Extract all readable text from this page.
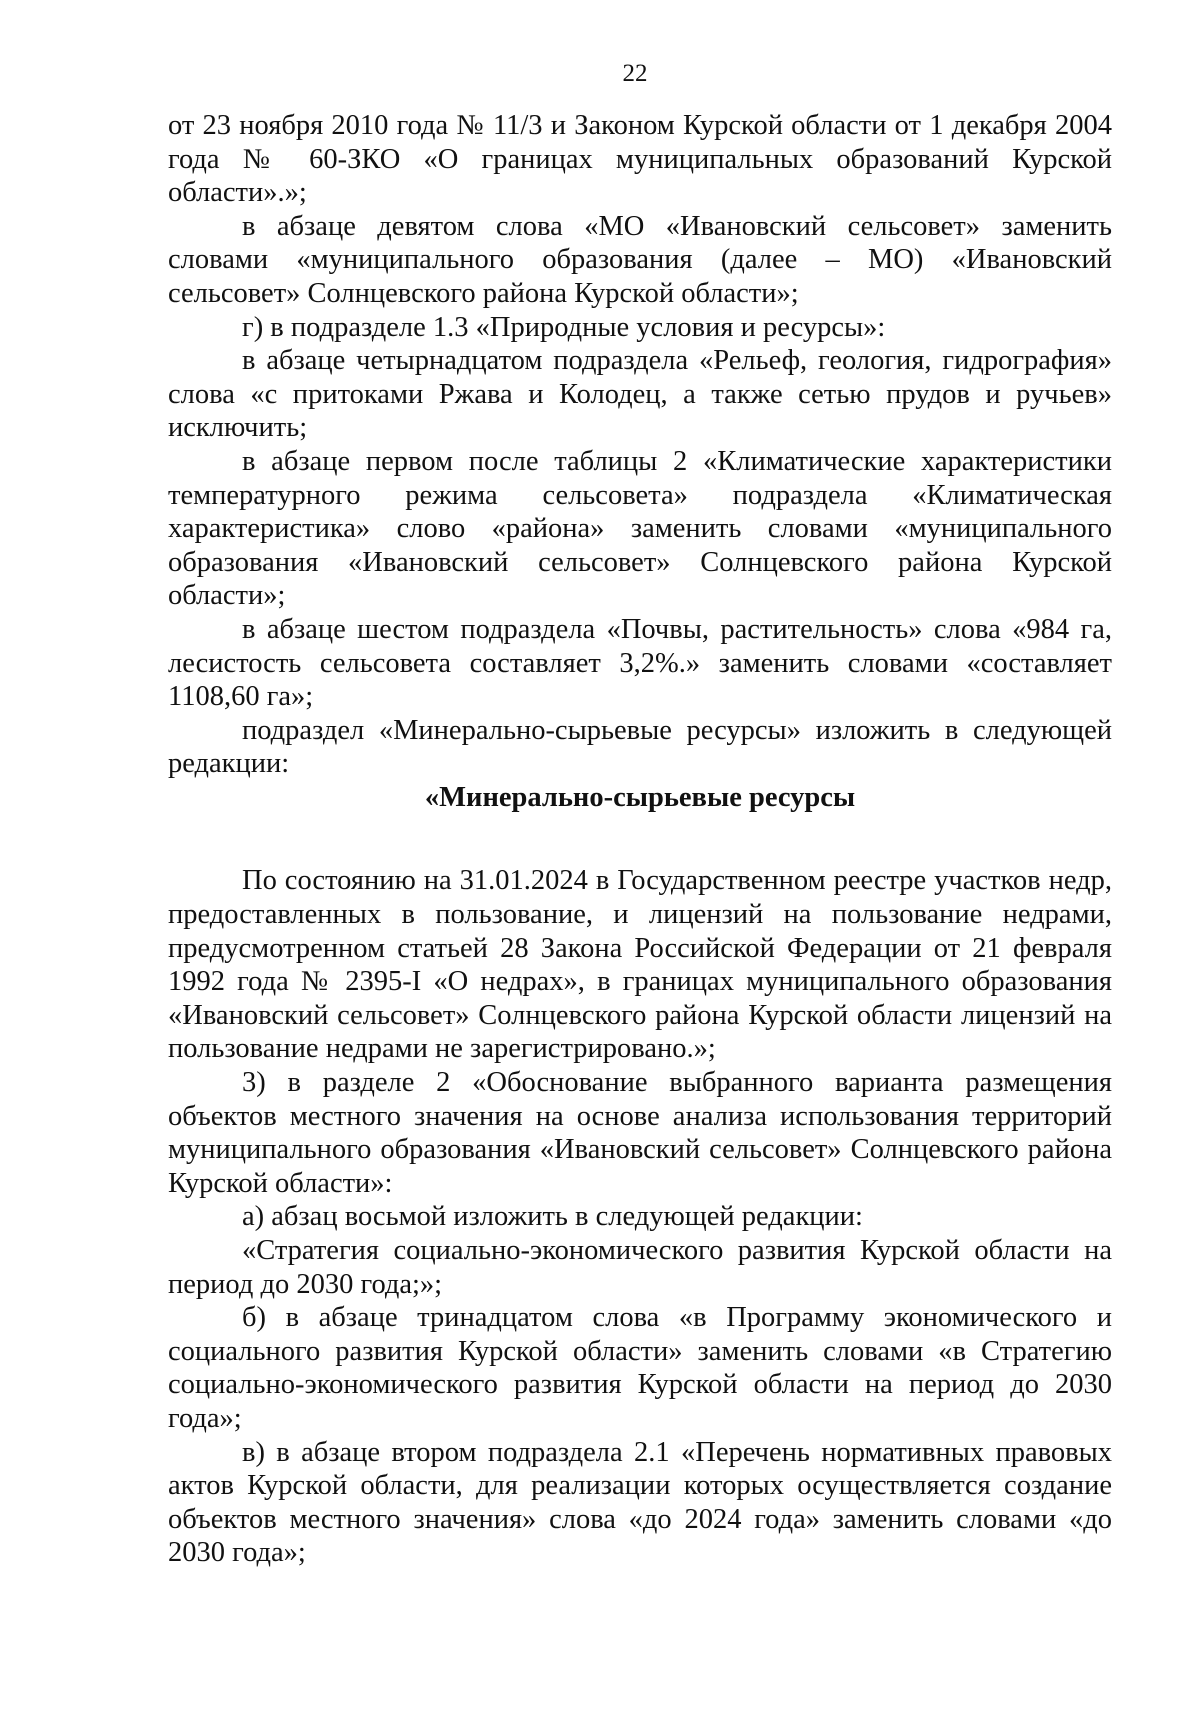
22

от 23 ноября 2010 года № 11/3 и Законом Курской области от 1 декабря 2004 года № 60-ЗКО «О границах муниципальных образований Курской области».»;

в абзаце девятом слова «МО «Ивановский сельсовет» заменить словами «муниципального образования (далее – МО) «Ивановский сельсовет» Солнцевского района Курской области»;

г) в подразделе 1.3 «Природные условия и ресурсы»:

в абзаце четырнадцатом подраздела «Рельеф, геология, гидрография» слова «с притоками Ржава и Колодец, а также сетью прудов и ручьев» исключить;

в абзаце первом после таблицы 2 «Климатические характеристики температурного режима сельсовета» подраздела «Климатическая характеристика» слово «района» заменить словами «муниципального образования «Ивановский сельсовет» Солнцевского района Курской области»;

в абзаце шестом подраздела «Почвы, растительность» слова «984 га, лесистость сельсовета составляет 3,2%.» заменить словами «составляет 1108,60 га»;

подраздел «Минерально-сырьевые ресурсы» изложить в следующей редакции:

«Минерально-сырьевые ресурсы

По состоянию на 31.01.2024 в Государственном реестре участков недр, предоставленных в пользование, и лицензий на пользование недрами, предусмотренном статьей 28 Закона Российской Федерации от 21 февраля 1992 года № 2395-I «О недрах», в границах муниципального образования «Ивановский сельсовет» Солнцевского района Курской области лицензий на пользование недрами не зарегистрировано.»;

3) в разделе 2 «Обоснование выбранного варианта размещения объектов местного значения на основе анализа использования территорий муниципального образования «Ивановский сельсовет» Солнцевского района Курской области»:

а) абзац восьмой изложить в следующей редакции:

«Стратегия социально-экономического развития Курской области на период до 2030 года;»;

б) в абзаце тринадцатом слова «в Программу экономического и социального развития Курской области» заменить словами «в Стратегию социально-экономического развития Курской области на период до 2030 года»;

в) в абзаце втором подраздела 2.1 «Перечень нормативных правовых актов Курской области, для реализации которых осуществляется создание объектов местного значения» слова «до 2024 года» заменить словами «до 2030 года»;
